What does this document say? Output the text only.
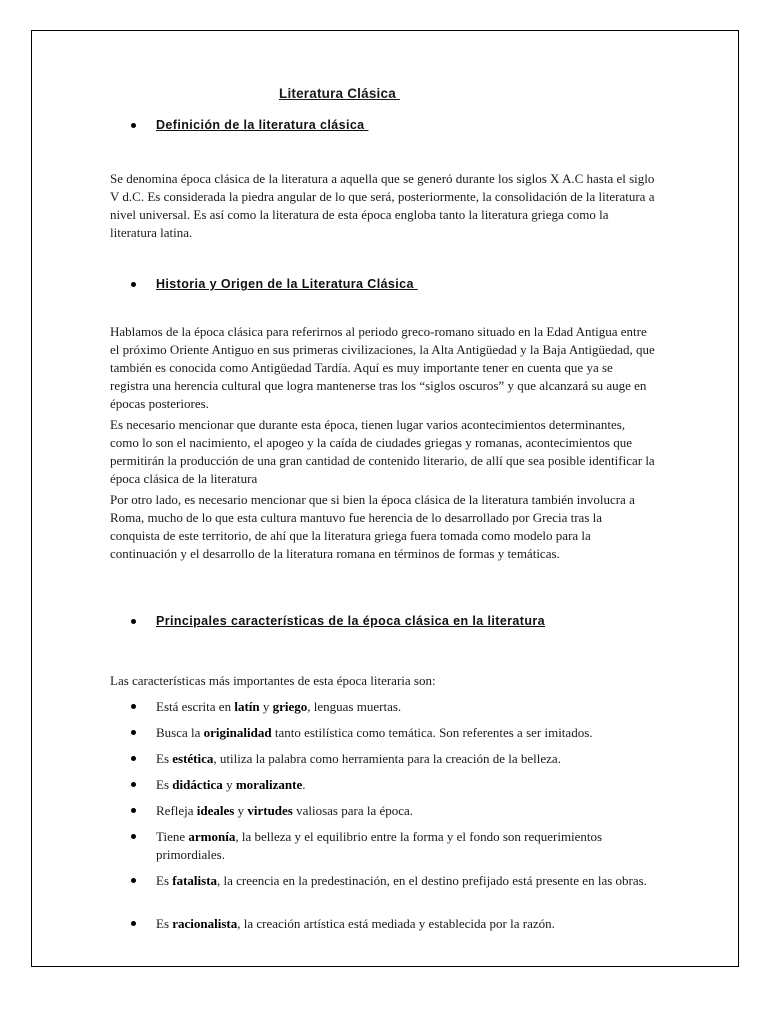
Literatura Clásica
Definición de la literatura clásica

Se denomina época clásica de la literatura a aquella que se generó durante los siglos X A.C hasta el siglo V d.C. Es considerada la piedra angular de lo que será, posteriormente, la consolidación de la literatura a nivel universal. Es así como la literatura de esta época engloba tanto la literatura griega como la literatura latina.

Historia y Origen de la Literatura Clásica

Hablamos de la época clásica para referirnos al periodo greco-romano situado en la Edad Antigua entre el próximo Oriente Antiguo en sus primeras civilizaciones, la Alta Antigüedad y la Baja Antigüedad, que también es conocida como Antigüedad Tardía. Aquí es muy importante tener en cuenta que ya se registra una herencia cultural que logra mantenerse tras los “siglos oscuros” y que alcanzará su auge en épocas posteriores.

Es necesario mencionar que durante esta época, tienen lugar varios acontecimientos determinantes, como lo son el nacimiento, el apogeo y la caída de ciudades griegas y romanas, acontecimientos que permitirán la producción de una gran cantidad de contenido literario, de allí que sea posible identificar la época clásica de la literatura

Por otro lado, es necesario mencionar que si bien la época clásica de la literatura también involucra a Roma, mucho de lo que esta cultura mantuvo fue herencia de lo desarrollado por Grecia tras la conquista de este territorio, de ahí que la literatura griega fuera tomada como modelo para la continuación y el desarrollo de la literatura romana en términos de formas y temáticas.

Principales características de la época clásica en la literatura

Las características más importantes de esta época literaria son:

Está escrita en latín y griego, lenguas muertas.
Busca la originalidad tanto estilística como temática. Son referentes a ser imitados.
Es estética, utiliza la palabra como herramienta para la creación de la belleza.
Es didáctica y moralizante.
Refleja ideales y virtudes valiosas para la época.
Tiene armonía, la belleza y el equilibrio entre la forma y el fondo son requerimientos primordiales.
Es fatalista, la creencia en la predestinación, en el destino prefijado está presente en las obras.
Es racionalista, la creación artística está mediada y establecida por la razón.
